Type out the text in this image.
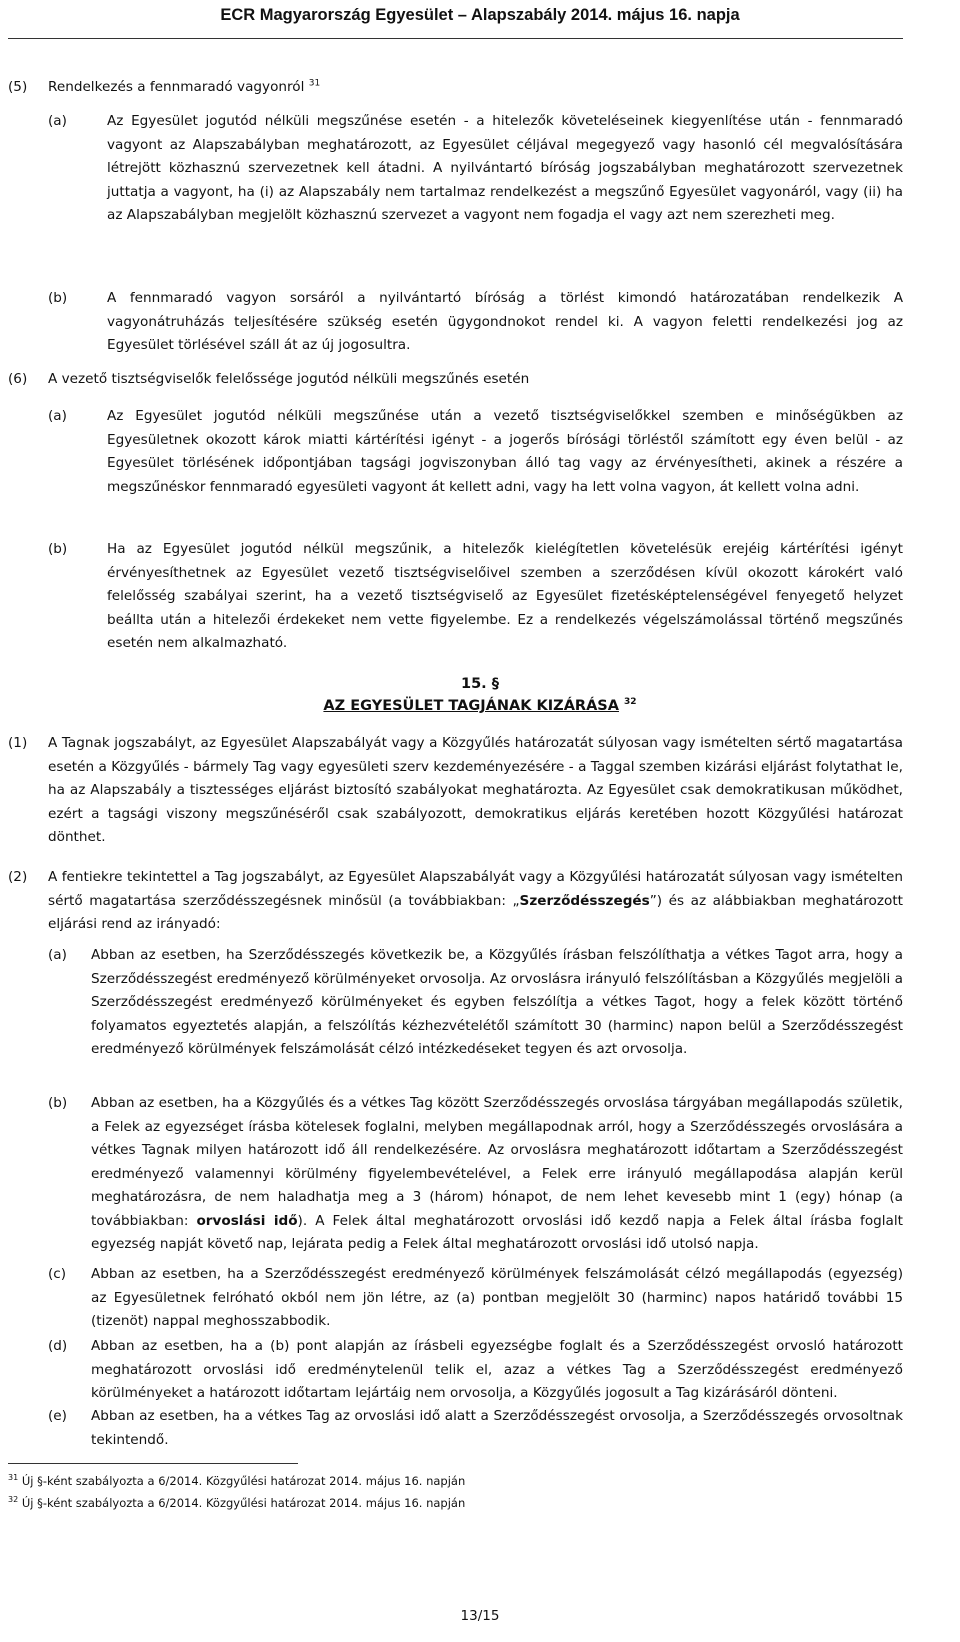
ECR Magyarország Egyesület – Alapszabály 2014. május 16. napja
(5) Rendelkezés a fennmaradó vagyonról $^{31}$
(a)	Az Egyesület jogutód nélküli megszűnése esetén - a hitelezők követeléseinek kiegyenlítése után - fennmaradó vagyont az Alapszabályban meghatározott, az Egyesület céljával megegyező vagy hasonló cél megvalósítására létrejött közhasznú szervezetnek kell átadni. A nyilvántartó bíróság jogszabályban meghatározott szervezetnek juttatja a vagyont, ha (i) az Alapszabály nem tartalmaz rendelkezést a megszűnő Egyesület vagyonáról, vagy (ii) ha az Alapszabályban megjelölt közhasznú szervezet a vagyont nem fogadja el vagy azt nem szerezheti meg.
(b)	A fennmaradó vagyon sorsáról a nyilvántartó bíróság a törlést kimondó határozatában rendelkezik A vagyonátruházás teljesítésére szükség esetén ügygondnokot rendel ki. A vagyon feletti rendelkezési jog az Egyesület törlésével száll át az új jogosultra.
(6) A vezető tisztségviselők felelőssége jogutód nélküli megszűnés esetén
(a)	Az Egyesület jogutód nélküli megszűnése után a vezető tisztségviselőkkel szemben e minőségükben az Egyesületnek okozott károk miatti kártérítési igényt - a jogerős bírósági törléstől számított egy éven belül - az Egyesület törlésének időpontjában tagsági jogviszonyban álló tag vagy az érvényesítheti, akinek a részére a megszűnéskor fennmaradó egyesületi vagyont át kellett adni, vagy ha lett volna vagyon, át kellett volna adni.
(b)	Ha az Egyesület jogutód nélkül megszűnik, a hitelezők kielégítetlen követelésük erejéig kártérítési igényt érvényesíthetnek az Egyesület vezető tisztségviselőivel szemben a szerződésen kívül okozott károkért való felelősség szabályai szerint, ha a vezető tisztségviselő az Egyesület fizetésképtelenségével fenyegető helyzet beállta után a hitelezői érdekeket nem vette figyelembe. Ez a rendelkezés végelszámolással történő megszűnés esetén nem alkalmazható.
15. §
AZ EGYESÜLET TAGJÁNAK KIZÁRÁSA $^{32}$
(1) A Tagnak jogszabályt, az Egyesület Alapszabályát vagy a Közgyűlés határozatát súlyosan vagy ismételten sértő magatartása esetén a Közgyűlés - bármely Tag vagy egyesületi szerv kezdeményezésére - a Taggal szemben kizárási eljárást folytathat le, ha az Alapszabály a tisztességes eljárást biztosító szabályokat meghatározta. Az Egyesület csak demokratikusan működhet, ezért a tagsági viszony megszűnéséről csak szabályozott, demokratikus eljárás keretében hozott Közgyűlési határozat dönthet.
(2) A fentiekre tekintettel a Tag jogszabályt, az Egyesület Alapszabályát vagy a Közgyűlési határozatát súlyosan vagy ismételten sértő magatartása szerződésszegésnek minősül (a továbbiakban: „Szerződésszegés”) és az alábbiakban meghatározott eljárási rend az irányadó:
(a) Abban az esetben, ha Szerződésszegés következik be, a Közgyűlés írásban felszólíthatja a vétkes Tagot arra, hogy a Szerződésszegést eredményező körülményeket orvosolja. Az orvoslásra irányuló felszólításban a Közgyűlés megjelöli a Szerződésszegést eredményező körülményeket és egyben felszólítja a vétkes Tagot, hogy a felek között történő folyamatos egyeztetés alapján, a felszólítás kézhezvételétől számított 30 (harminc) napon belül a Szerződésszegést eredményező körülmények felszámolását célzó intézkedéseket tegyen és azt orvosolja.
(b) Abban az esetben, ha a Közgyűlés és a vétkes Tag között Szerződésszegés orvoslása tárgyában megállapodás születik, a Felek az egyezséget írásba kötelesek foglalni, melyben megállapodnak arról, hogy a Szerződésszegés orvoslására a vétkes Tagnak milyen határozott idő áll rendelkezésére. Az orvoslásra meghatározott időtartam a Szerződésszegést eredményező valamennyi körülmény figyelembevételével, a Felek erre irányuló megállapodása alapján kerül meghatározásra, de nem haladhatja meg a 3 (három) hónapot, de nem lehet kevesebb mint 1 (egy) hónap (a továbbiakban: orvoslási idő). A Felek által meghatározott orvoslási idő kezdő napja a Felek által írásba foglalt egyezség napját követő nap, lejárata pedig a Felek által meghatározott orvoslási idő utolsó napja.
(c) Abban az esetben, ha a Szerződésszegést eredményező körülmények felszámolását célzó megállapodás (egyezség) az Egyesületnek felróható okból nem jön létre, az (a) pontban megjelölt 30 (harminc) napos határidő további 15 (tizenöt) nappal meghosszabbodik.
(d) Abban az esetben, ha a (b) pont alapján az írásbeli egyezségbe foglalt és a Szerződésszegést orvosló határozott meghatározott orvoslási idő eredménytelenül telik el, azaz a vétkes Tag a Szerződésszegést eredményező körülményeket a határozott időtartam lejártáig nem orvosolja, a Közgyűlés jogosult a Tag kizárásáról dönteni.
(e) Abban az esetben, ha a vétkes Tag az orvoslási idő alatt a Szerződésszegést orvosolja, a Szerződésszegés orvosoltnak tekintendő.
$^{31}$ Új §-ként szabályozta a 6/2014. Közgyűlési határozat 2014. május 16. napján
$^{32}$ Új §-ként szabályozta a 6/2014. Közgyűlési határozat 2014. május 16. napján
13/15
